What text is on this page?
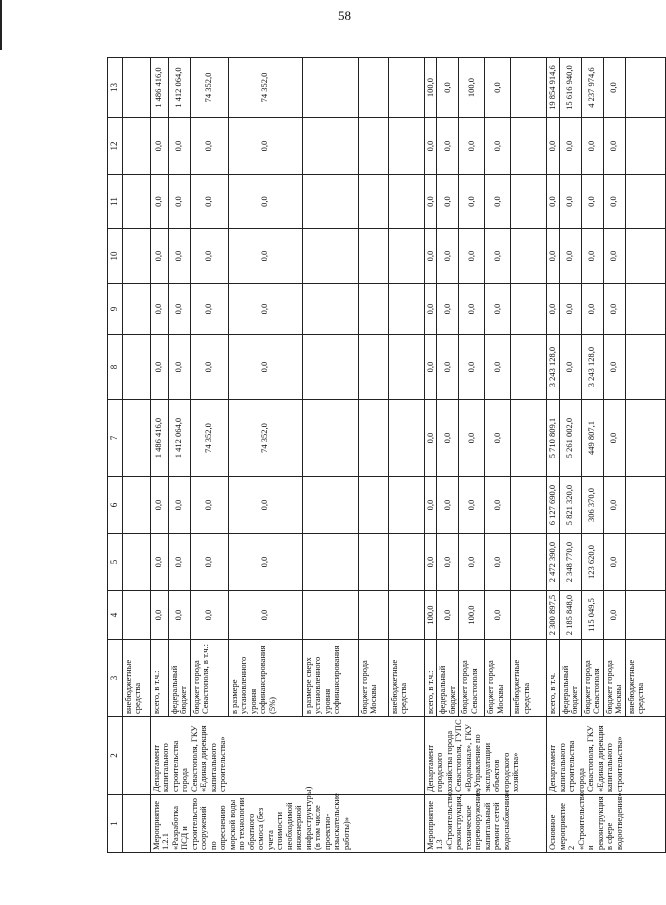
58
1	2	3	4	5	6	7	8	9	10	11	12	13
		внебюджетные средства										
Мероприятие 1.2.1 «Разработка ПСД и строительство сооружений по опреснению морской воды по технологии обратного осмоса (без учета стоимости необходимой инженерной инфраструктуры) (в том числе проектно-изыскательские работы)»	Департамент капитального строительства города Севастополя, ГКУ «Единая дирекция капитального строительства»	всего, в т.ч.:	0,0	0,0	0,0	1 486 416,0	0,0	0,0	0,0	0,0	0,0	1 486 416,0
		федеральный бюджет	0,0	0,0	0,0	1 412 064,0	0,0	0,0	0,0	0,0	0,0	1 412 064,0
		бюджет города Севастополя, в т.ч.:	0,0	0,0	0,0	74 352,0	0,0	0,0	0,0	0,0	0,0	74 352,0
		в размере установленного уровня софинансирования (5%)	0,0	0,0	0,0	74 352,0	0,0	0,0	0,0	0,0	0,0	74 352,0
		в размере сверх установленного уровня софинансирования										
		бюджет города Москвы										
		внебюджетные средства										
Мероприятие 1.3 «Строительство, реконструкция, техническое перевооружение, капитальный ремонт сетей водоснабжения»	Департамент городского хозяйства города Севастополя, ГУПС «Водоканал», ГКУ «Управление по эксплуатации объектов городского хозяйства»	всего, в т.ч.:	100,0	0,0	0,0	0,0	0,0	0,0	0,0	0,0	0,0	100,0
		федеральный бюджет	0,0	0,0	0,0	0,0	0,0	0,0	0,0	0,0	0,0	0,0
		бюджет города Севастополя	100,0	0,0	0,0	0,0	0,0	0,0	0,0	0,0	0,0	100,0
		бюджет города Москвы	0,0	0,0	0,0	0,0	0,0	0,0	0,0	0,0	0,0	0,0
		внебюджетные средства										
Основное мероприятие 2 «Строительство и реконструкция в сфере водоотведения»	Департамент капитального строительства города Севастополя, ГКУ «Единая дирекция капитального строительства»	всего, в т.ч.	2 300 897,5	2 472 390,0	6 127 690,0	5 710 809,1	3 243 128,0	0,0	0,0	0,0	0,0	19 854 914,6
		федеральный бюджет	2 185 848,0	2 348 770,0	5 821 320,0	5 261 002,0	0,0	0,0	0,0	0,0	0,0	15 616 940,0
		бюджет города Севастополя	115 049,5	123 620,0	306 370,0	449 807,1	3 243 128,0	0,0	0,0	0,0	0,0	4 237 974,6
		бюджет города Москвы	0,0	0,0	0,0	0,0	0,0	0,0	0,0	0,0	0,0	0,0
		внебюджетные средства										
